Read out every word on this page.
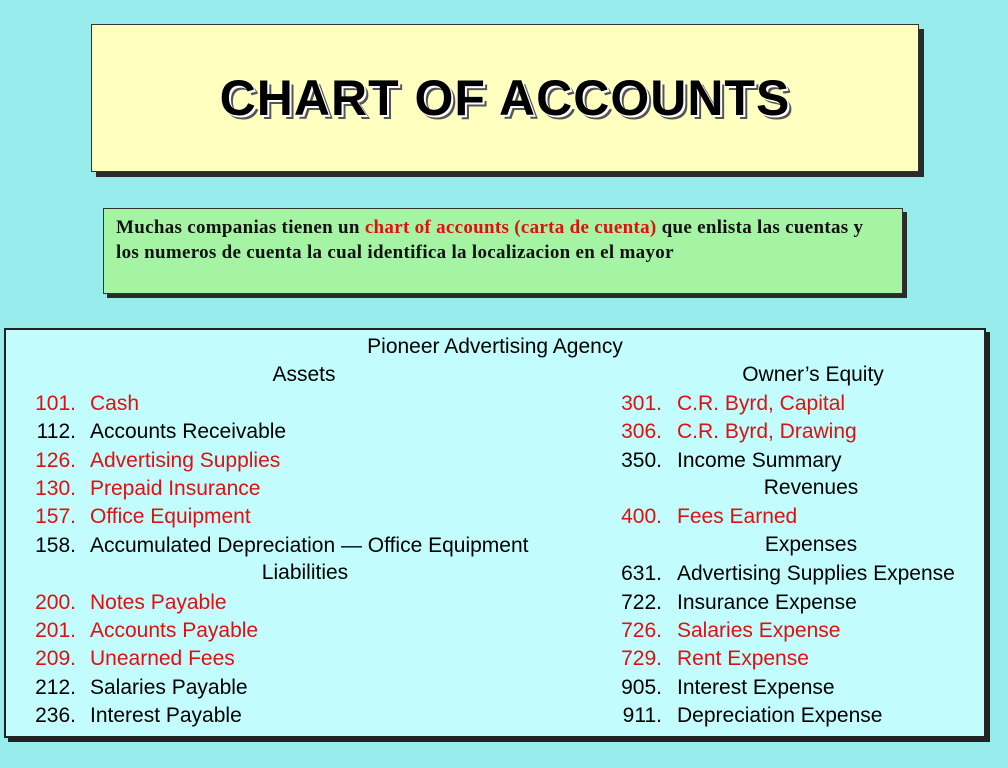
CHART OF ACCOUNTS
Muchas companias tienen un chart of accounts (carta de cuenta) que enlista las cuentas y los numeros de cuenta la cual identifica la localizacion en el mayor
Pioneer Advertising Agency
Assets	Owner’s Equity
Liabilities
Revenues
Expenses
101. Cash
112. Accounts Receivable
126. Advertising Supplies
130. Prepaid Insurance
157. Office Equipment
158. Accumulated Depreciation — Office Equipment
200. Notes Payable
201. Accounts Payable
209. Unearned Fees
212. Salaries Payable
236. Interest Payable
301. C.R. Byrd, Capital
306. C.R. Byrd, Drawing
350. Income Summary
400. Fees Earned
631. Advertising Supplies Expense
722. Insurance Expense
726. Salaries Expense
729. Rent Expense
905. Interest Expense
911. Depreciation Expense
